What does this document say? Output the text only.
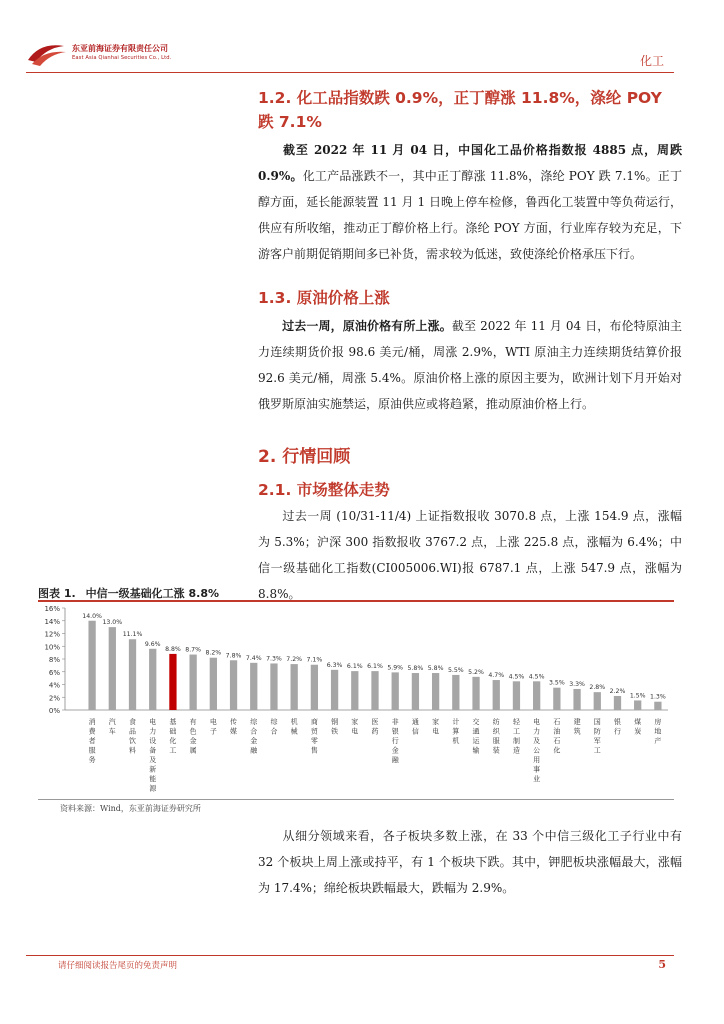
东亚前海证券有限责任公司
East Asia Qianhai Securities Co., Ltd.	化工
1.2. 化工品指数跌 0.9%，正丁醇涨 11.8%，涤纶 POY
跌 7.1%
截至 2022 年 11 月 04 日，中国化工品价格指数报 4885 点，周跌 0.9%。化工产品涨跌不一，其中正丁醇涨 11.8%，涤纶 POY 跌 7.1%。正丁醇方面，延长能源装置 11 月 1 日晚上停车检修，鲁西化工装置中等负荷运行，供应有所收缩，推动正丁醇价格上行。涤纶 POY 方面，行业库存较为充足，下游客户前期促销期间多已补货，需求较为低迷，致使涤纶价格承压下行。
1.3. 原油价格上涨
过去一周，原油价格有所上涨。截至 2022 年 11 月 04 日，布伦特原油主力连续期货价报 98.6 美元/桶，周涨 2.9%，WTI 原油主力连续期货结算价报 92.6 美元/桶，周涨 5.4%。原油价格上涨的原因主要为，欧洲计划下月开始对俄罗斯原油实施禁运，原油供应或将趋紧，推动原油价格上行。
2. 行情回顾
2.1. 市场整体走势
过去一周 (10/31-11/4) 上证指数报收 3070.8 点，上涨 154.9 点，涨幅为 5.3%；沪深 300 指数报收 3767.2 点，上涨 225.8 点，涨幅为 6.4%；中信一级基础化工指数(CI005006.WI)报 6787.1 点，上涨 547.9 点，涨幅为 8.8%。
图表 1. 中信一级基础化工涨 8.8%
0%
2%
4%
6%
8%
10%
12%
14%
16%
14.0%
消费者服务
13.0%
汽车
11.1%
食品饮料
9.6%
电力设备及新能源
8.8%
基础化工
8.7%
有色金属
8.2%
电子
7.8%
传媒
7.4%
综合金融
7.3%
综合
7.2%
机械
7.1%
商贸零售
6.3%
钢铁
6.1%
家电
6.1%
医药
5.9%
非银行金融
5.8%
通信
5.8%
家电
5.5%
计算机
5.2%
交通运输
4.7%
纺织服装
4.5%
轻工制造
4.5%
电力及公用事业
3.5%
石油石化
3.3%
建筑
2.8%
国防军工
2.2%
银行
1.5%
煤炭
1.3%
房地产
资料来源：Wind，东亚前海证券研究所
从细分领域来看，各子板块多数上涨，在 33 个中信三级化工子行业中有 32 个板块上周上涨或持平，有 1 个板块下跌。其中，钾肥板块涨幅最大，涨幅为 17.4%；绵纶板块跌幅最大，跌幅为 2.9%。
请仔细阅读报告尾页的免责声明	5
